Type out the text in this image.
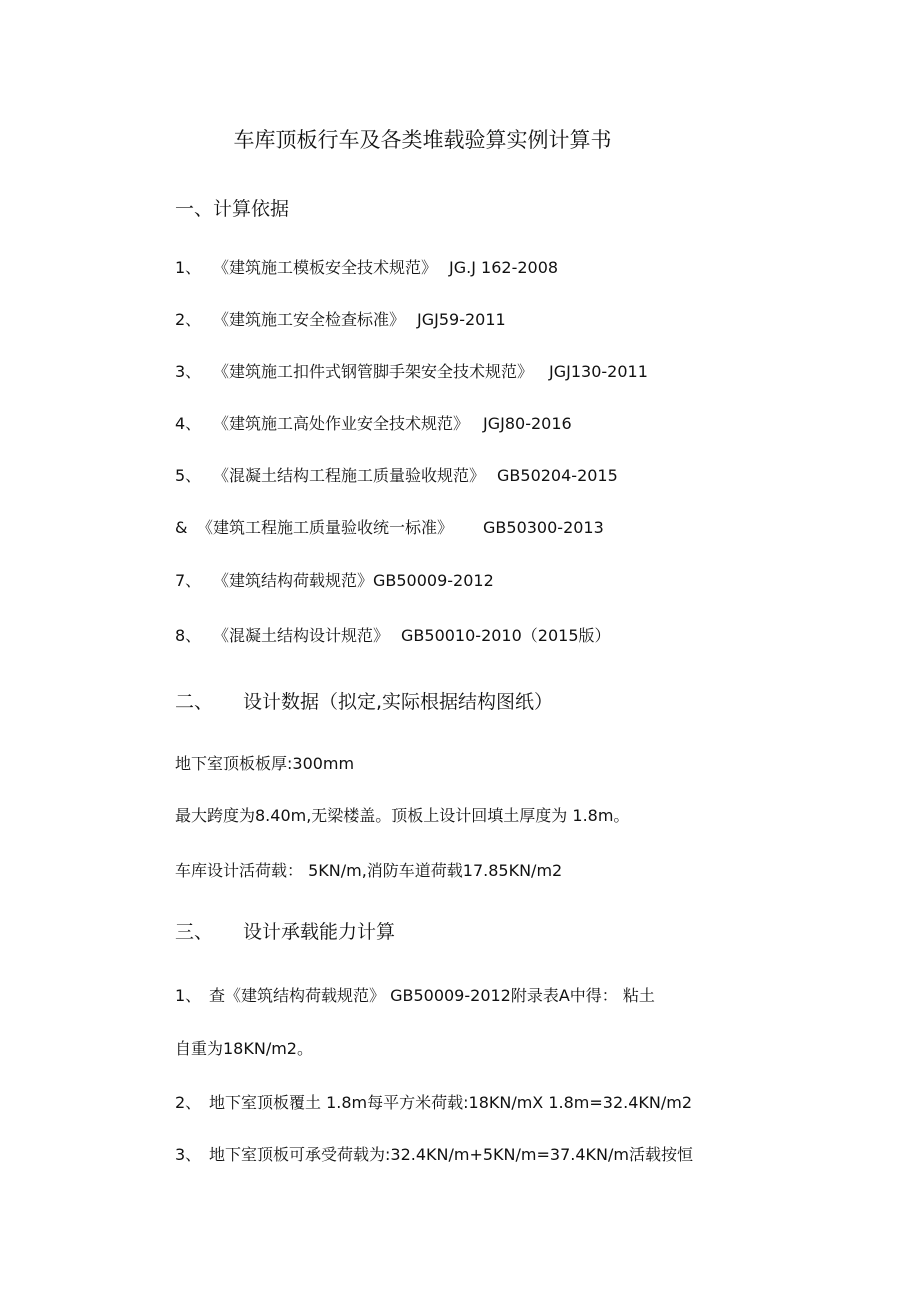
车库顶板行车及各类堆载验算实例计算书
一、计算依据
1、 《建筑施工模板安全技术规范》 JG.J 162-2008
2、 《建筑施工安全检查标准》 JGJ59-2011
3、 《建筑施工扣件式钢管脚手架安全技术规范》 JGJ130-2011
4、 《建筑施工高处作业安全技术规范》 JGJ80-2016
5、 《混凝土结构工程施工质量验收规范》 GB50204-2015
& 《建筑工程施工质量验收统一标准》 GB50300-2013
7、 《建筑结构荷载规范》GB50009-2012
8、 《混凝土结构设计规范》 GB50010-2010（2015版）
二、 设计数据（拟定,实际根据结构图纸）
地下室顶板板厚:300mm
最大跨度为8.40m,无梁楼盖。顶板上设计回填土厚度为 1.8m。
车库设计活荷载： 5KN/m,消防车道荷载17.85KN/m2
三、 设计承载能力计算
1、 查《建筑结构荷载规范》 GB50009-2012附录表A中得： 粘土
自重为18KN/m2。
2、 地下室顶板覆土 1.8m每平方米荷载:18KN/mX 1.8m=32.4KN/m2
3、 地下室顶板可承受荷载为:32.4KN/m+5KN/m=37.4KN/m活载按恒
